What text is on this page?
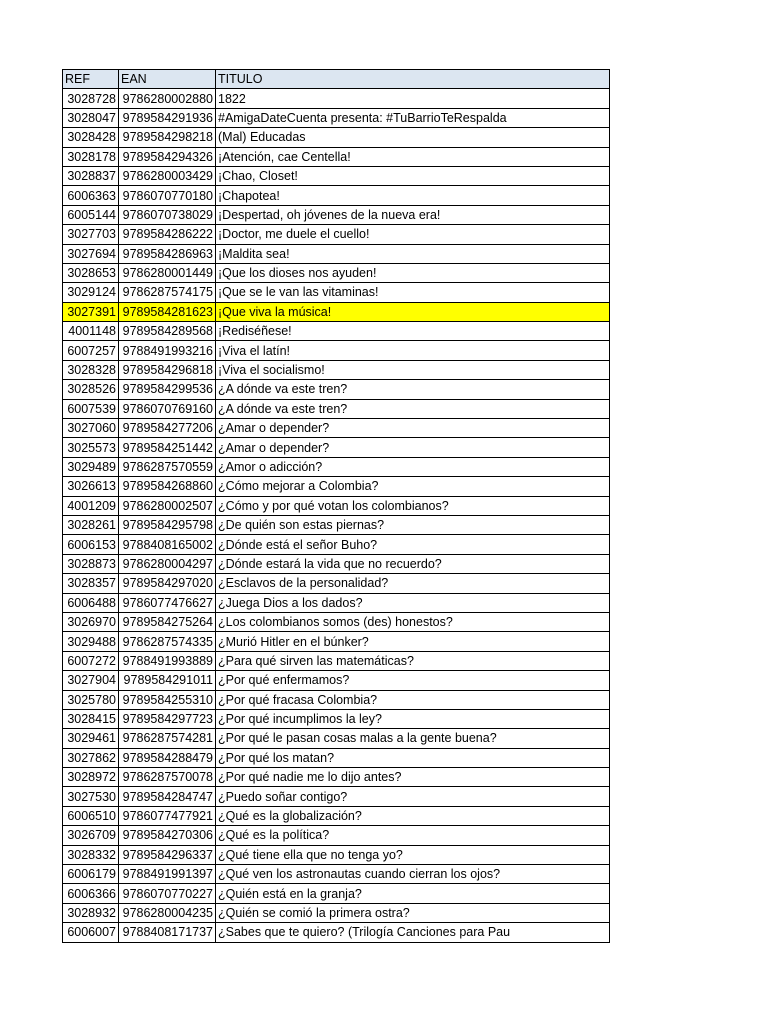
REF	EAN	TITULO
3028728	9786280002880	1822
3028047	9789584291936	#AmigaDateCuenta presenta: #TuBarrioTeRespalda
3028428	9789584298218	(Mal) Educadas
3028178	9789584294326	¡Atención, cae Centella!
3028837	9786280003429	¡Chao, Closet!
6006363	9786070770180	¡Chapotea!
6005144	9786070738029	¡Despertad, oh jóvenes de la nueva era!
3027703	9789584286222	¡Doctor, me duele el cuello!
3027694	9789584286963	¡Maldita sea!
3028653	9786280001449	¡Que los dioses nos ayuden!
3029124	9786287574175	¡Que se le van las vitaminas!
3027391	9789584281623	¡Que viva la música!
4001148	9789584289568	¡Rediséñese!
6007257	9788491993216	¡Viva el latín!
3028328	9789584296818	¡Viva el socialismo!
3028526	9789584299536	¿A dónde va este tren?
6007539	9786070769160	¿A dónde va este tren?
3027060	9789584277206	¿Amar o depender?
3025573	9789584251442	¿Amar o depender?
3029489	9786287570559	¿Amor o adicción?
3026613	9789584268860	¿Cómo mejorar a Colombia?
4001209	9786280002507	¿Cómo y por qué votan los colombianos?
3028261	9789584295798	¿De quién son estas piernas?
6006153	9788408165002	¿Dónde está el señor Buho?
3028873	9786280004297	¿Dónde estará la vida que no recuerdo?
3028357	9789584297020	¿Esclavos de la personalidad?
6006488	9786077476627	¿Juega Dios a los dados?
3026970	9789584275264	¿Los colombianos somos (des) honestos?
3029488	9786287574335	¿Murió Hitler en el búnker?
6007272	9788491993889	¿Para qué sirven las matemáticas?
3027904	9789584291011	¿Por qué enfermamos?
3025780	9789584255310	¿Por qué fracasa Colombia?
3028415	9789584297723	¿Por qué incumplimos la ley?
3029461	9786287574281	¿Por qué le pasan cosas malas a la gente buena?
3027862	9789584288479	¿Por qué los matan?
3028972	9786287570078	¿Por qué nadie me lo dijo antes?
3027530	9789584284747	¿Puedo soñar contigo?
6006510	9786077477921	¿Qué es la globalización?
3026709	9789584270306	¿Qué es la política?
3028332	9789584296337	¿Qué tiene ella que no tenga yo?
6006179	9788491991397	¿Qué ven los astronautas cuando cierran los ojos?
6006366	9786070770227	¿Quién está en la granja?
3028932	9786280004235	¿Quién se comió la primera ostra?
6006007	9788408171737	¿Sabes que te quiero? (Trilogía Canciones para Pau
